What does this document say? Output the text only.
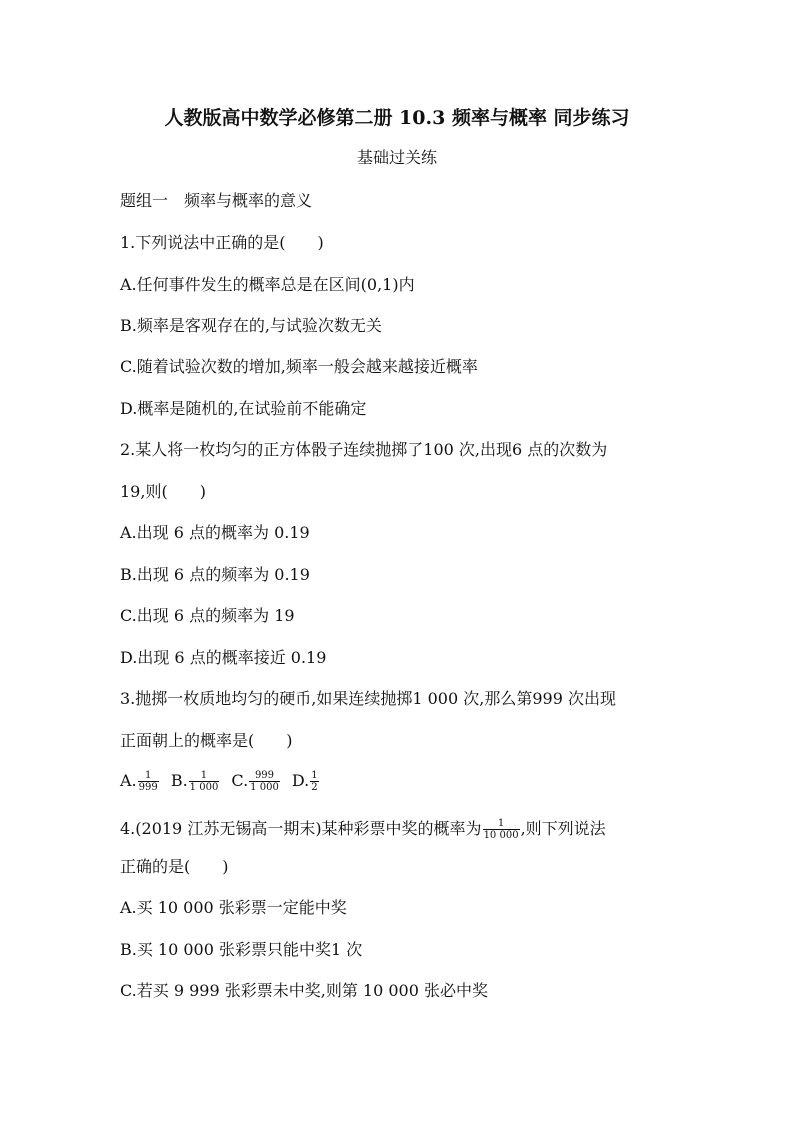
人教版高中数学必修第二册 10.3 频率与概率 同步练习
基础过关练
题组一　频率与概率的意义
1.下列说法中正确的是(　　)
A.任何事件发生的概率总是在区间(0,1)内
B.频率是客观存在的,与试验次数无关
C.随着试验次数的增加,频率一般会越来越接近概率
D.概率是随机的,在试验前不能确定
2.某人将一枚均匀的正方体骰子连续抛掷了100 次,出现6 点的次数为
19,则(　　)
A.出现 6 点的概率为 0.19
B.出现 6 点的频率为 0.19
C.出现 6 点的频率为 19
D.出现 6 点的概率接近 0.19
3.抛掷一枚质地均匀的硬币,如果连续抛掷1 000 次,那么第999 次出现
正面朝上的概率是(　　)
A. $\frac{1}{999} B$. $\frac{1}{1 000} C$. $\frac{999}{1 000} D$. $\frac{1}{2}$
4.(2019 江苏无锡高一期末)某种彩票中奖的概率为 $\frac{1}{10 000}$ ,则下列说法
正确的是(　　)
A.买 10 000 张彩票一定能中奖
B.买 10 000 张彩票只能中奖1 次
C.若买 9 999 张彩票未中奖,则第 10 000 张必中奖
